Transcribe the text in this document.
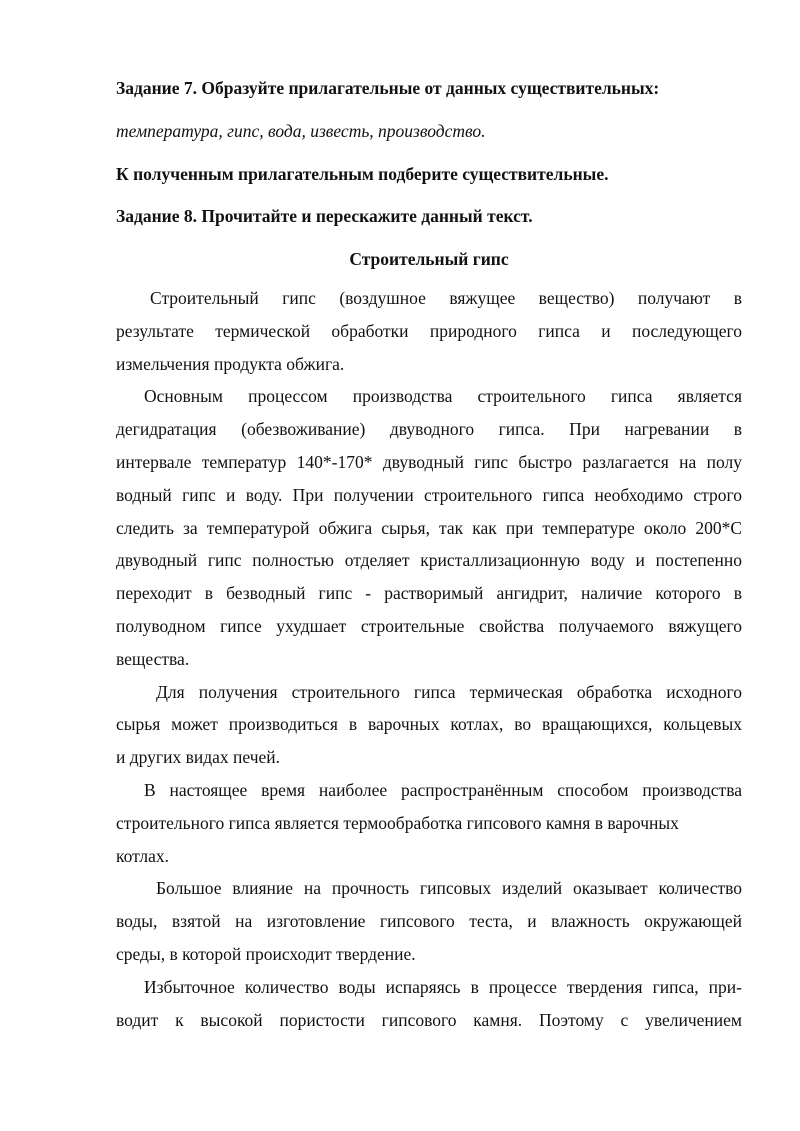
Задание 7. Образуйте прилагательные от данных существительных:

температура, гипс, вода, известь, производство.

К полученным прилагательным подберите существительные.

Задание 8. Прочитайте и перескажите данный текст.

Строительный гипс

Строительный гипс (воздушное вяжущее вещество) получают в
результате термической обработки природного гипса и последующего
измельчения продукта обжига.
Основным процессом производства строительного гипса является
дегидратация (обезвоживание) двуводного гипса. При нагревании в
интервале температур 140*-170* двуводный гипс быстро разлагается на полу
водный гипс и воду. При получении строительного гипса необходимо строго
следить за температурой обжига сырья, так как при температуре около 200*С
двуводный гипс полностью отделяет кристаллизационную воду и постепенно
переходит в безводный гипс - растворимый ангидрит, наличие которого в
полуводном гипсе ухудшает строительные свойства получаемого вяжущего
вещества.
Для получения строительного гипса термическая обработка исходного
сырья может производиться в варочных котлах, во вращающихся, кольцевых
и других видах печей.
В настоящее время наиболее распространённым способом производства
строительного гипса является термообработка гипсового камня в варочных
котлах.
Большое влияние на прочность гипсовых изделий оказывает количество
воды, взятой на изготовление гипсового теста, и влажность окружающей
среды, в которой происходит твердение.
Избыточное количество воды испаряясь в процессе твердения гипса, при-
водит к высокой пористости гипсового камня. Поэтому с увеличением
